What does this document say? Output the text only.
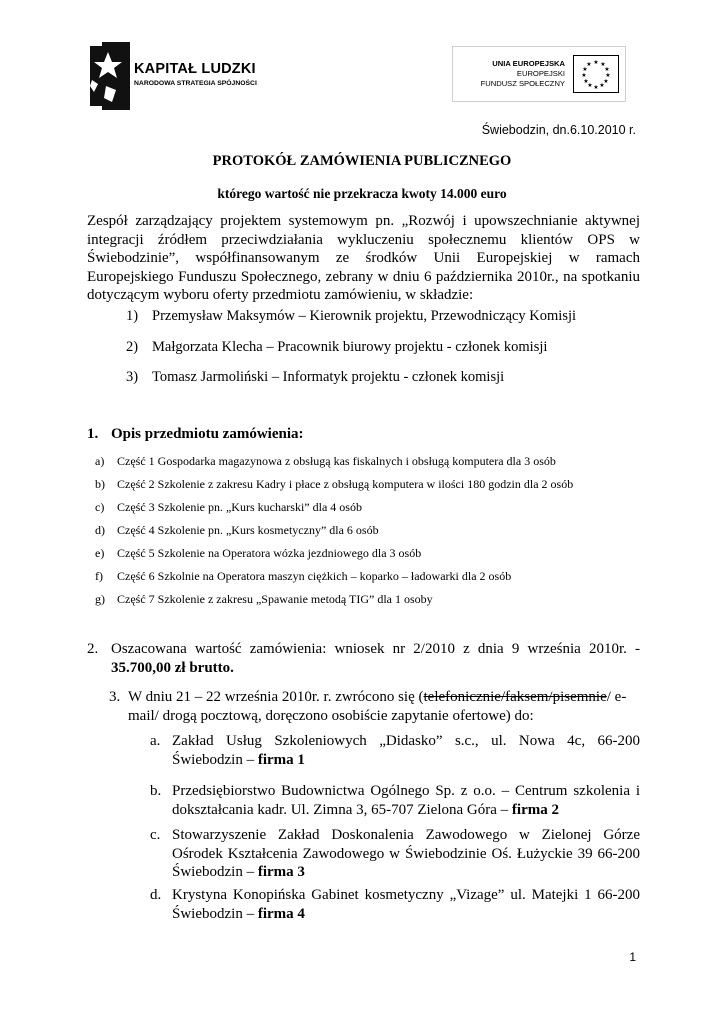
KAPITAŁ LUDZKI
NARODOWA STRATEGIA SPÓJNOŚCI
UNIA EUROPEJSKA
EUROPEJSKI
FUNDUSZ SPOŁECZNY
★ ★
★
★
★
★
★
★
★
★
★
★
Świebodzin, dn.6.10.2010 r.
PROTOKÓŁ ZAMÓWIENIA PUBLICZNEGO
którego wartość nie przekracza kwoty 14.000 euro
Zespół zarządzający projektem systemowym pn. „Rozwój i upowszechnianie aktywnej integracji źródłem przeciwdziałania wykluczeniu społecznemu klientów OPS w Świebodzinie”, współfinansowanym ze środków Unii Europejskiej w ramach Europejskiego Funduszu Społecznego, zebrany w dniu 6 października 2010r., na spotkaniu dotyczącym wyboru oferty przedmiotu zamówieniu, w składzie:
1) Przemysław Maksymów – Kierownik projektu, Przewodniczący Komisji
2) Małgorzata Klecha – Pracownik biurowy projektu - członek komisji
3) Tomasz Jarmoliński – Informatyk projektu - członek komisji
1. Opis przedmiotu zamówienia:
a) Część 1 Gospodarka magazynowa z obsługą kas fiskalnych i obsługą komputera dla 3 osób
b) Część 2 Szkolenie z zakresu Kadry i płace z obsługą komputera w ilości 180 godzin dla 2 osób
c) Część 3 Szkolenie pn. „Kurs kucharski” dla 4 osób
d) Część 4 Szkolenie pn. „Kurs kosmetyczny” dla 6 osób
e) Część 5 Szkolenie na Operatora wózka jezdniowego dla 3 osób
f) Część 6 Szkolnie na Operatora maszyn ciężkich – koparko – ładowarki dla 2 osób
g) Część 7 Szkolenie z zakresu „Spawanie metodą TIG” dla 1 osoby
2. Oszacowana wartość zamówienia: wniosek nr 2/2010 z dnia 9 września 2010r. - 35.700,00 zł brutto.
3. W dniu 21 – 22 września 2010r. r. zwrócono się (telefonicznie/faksem/pisemnie/ e-mail/ drogą pocztową, doręczono osobiście zapytanie ofertowe) do:
a. Zakład Usług Szkoleniowych „Didasko” s.c., ul. Nowa 4c, 66-200 Świebodzin – firma 1
b. Przedsiębiorstwo Budownictwa Ogólnego Sp. z o.o. – Centrum szkolenia i dokształcania kadr. Ul. Zimna 3, 65-707 Zielona Góra – firma 2
c. Stowarzyszenie Zakład Doskonalenia Zawodowego w Zielonej Górze Ośrodek Kształcenia Zawodowego w Świebodzinie Oś. Łużyckie 39 66-200 Świebodzin – firma 3
d. Krystyna Konopińska Gabinet kosmetyczny „Vizage” ul. Matejki 1 66-200 Świebodzin – firma 4
1
